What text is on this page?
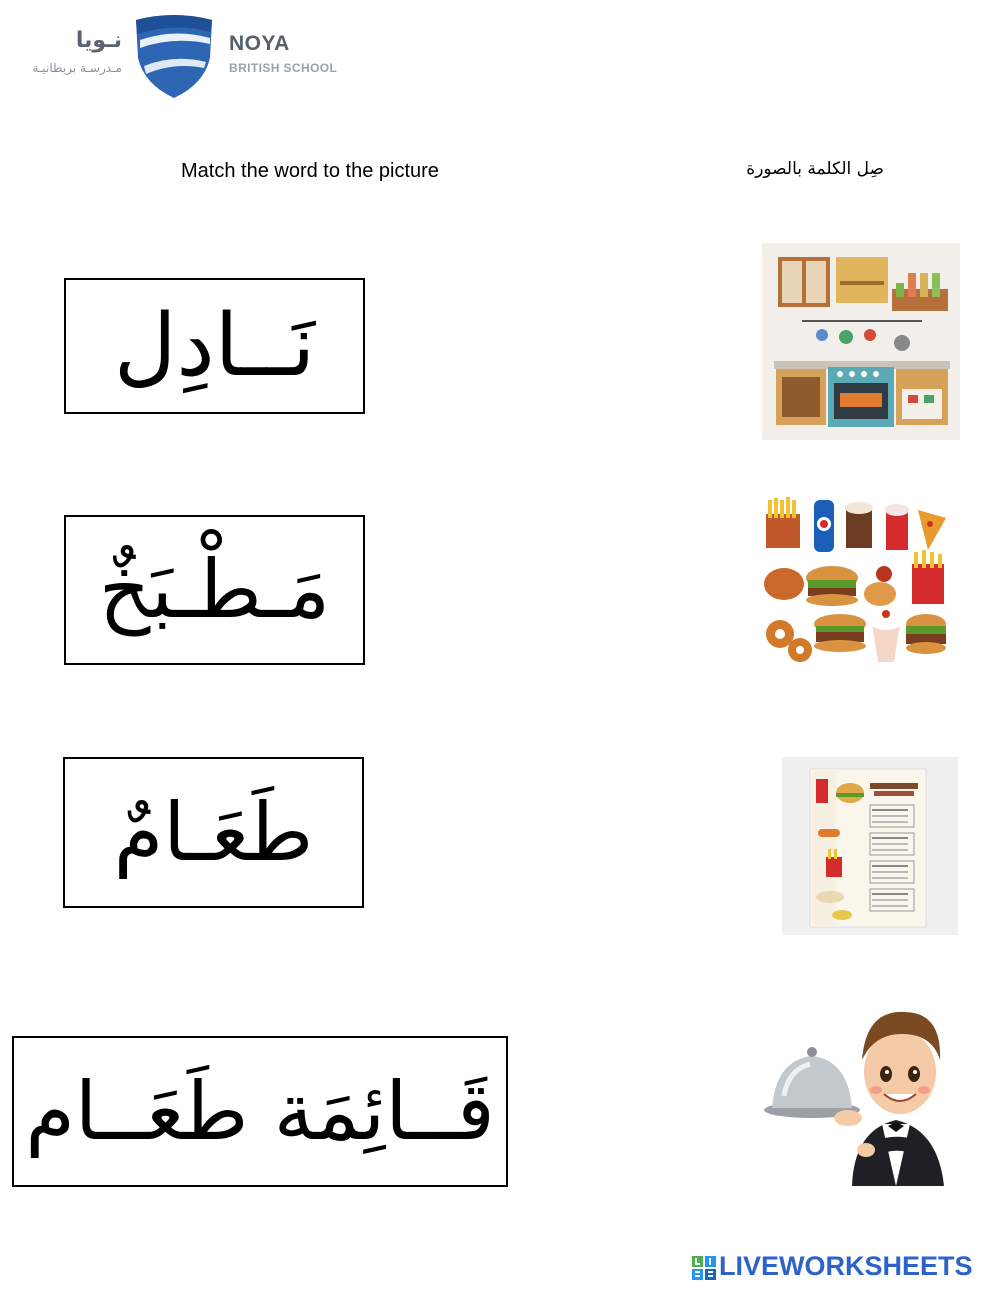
نـويا
مـدرسـة بريطانيـة
NOYA
BRITISH SCHOOL
Match the word to the picture	صِل الكلمة بالصورة
نَــادِل
مَـطْـبَخٌ
طَعَـامٌ
قَــائِمَة طَعَــام
LIVEWORKSHEETS
